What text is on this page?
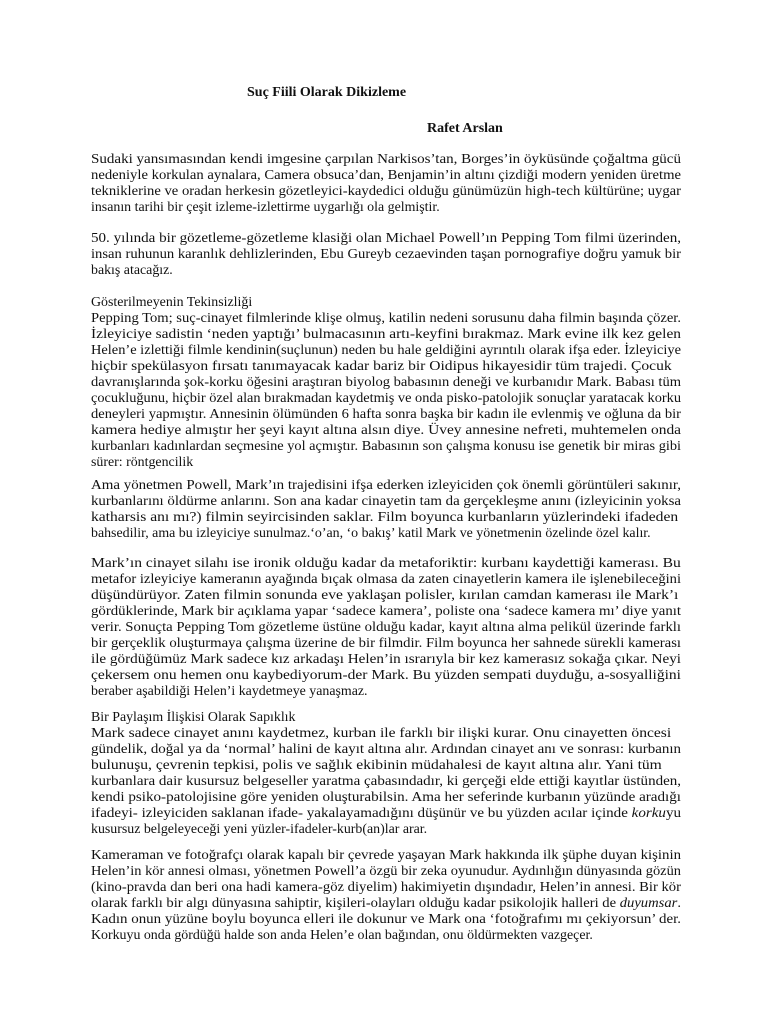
Suç Fiili Olarak Dikizleme
Rafet Arslan
Sudaki yansımasından kendi imgesine çarpılan Narkisos’tan, Borges’in öyküsünde çoğaltma gücü
nedeniyle korkulan aynalara, Camera obsuca’dan, Benjamin’in altını çizdiği modern yeniden üretme
tekniklerine ve oradan herkesin gözetleyici-kaydedici olduğu günümüzün high-tech kültürüne; uygar
insanın tarihi bir çeşit izleme-izlettirme uygarlığı ola gelmiştir.
50. yılında bir gözetleme-gözetleme klasiği olan Michael Powell’ın Pepping Tom filmi üzerinden,
insan ruhunun karanlık dehlizlerinden, Ebu Gureyb cezaevinden taşan pornografiye doğru yamuk bir
bakış atacağız.
Gösterilmeyenin Tekinsizliği
Pepping Tom; suç-cinayet filmlerinde klişe olmuş, katilin nedeni sorusunu daha filmin başında çözer.
İzleyiciye sadistin ‘neden yaptığı’ bulmacasının artı-keyfini bırakmaz. Mark evine ilk kez gelen
Helen’e izlettiği filmle kendinin(suçlunun) neden bu hale geldiğini ayrıntılı olarak ifşa eder. İzleyiciye
hiçbir spekülasyon fırsatı tanımayacak kadar bariz bir Oidipus hikayesidir tüm trajedi. Çocuk
davranışlarında şok-korku öğesini araştıran biyolog babasının deneği ve kurbanıdır Mark. Babası tüm
çocukluğunu, hiçbir özel alan bırakmadan kaydetmiş ve onda pisko-patolojik sonuçlar yaratacak korku
deneyleri yapmıştır. Annesinin ölümünden 6 hafta sonra başka bir kadın ile evlenmiş ve oğluna da bir
kamera hediye almıştır her şeyi kayıt altına alsın diye. Üvey annesine nefreti, muhtemelen onda
kurbanları kadınlardan seçmesine yol açmıştır. Babasının son çalışma konusu ise genetik bir miras gibi
sürer: röntgencilik
Ama yönetmen Powell, Mark’ın trajedisini ifşa ederken izleyiciden çok önemli görüntüleri sakınır,
kurbanlarını öldürme anlarını. Son ana kadar cinayetin tam da gerçekleşme anını (izleyicinin yoksa
katharsis anı mı?) filmin seyircisinden saklar. Film boyunca kurbanların yüzlerindeki ifadeden
bahsedilir, ama bu izleyiciye sunulmaz.‘o’an, ‘o bakış’ katil Mark ve yönetmenin özelinde özel kalır.
Mark’ın cinayet silahı ise ironik olduğu kadar da metaforiktir: kurbanı kaydettiği kamerası. Bu
metafor izleyiciye kameranın ayağında bıçak olmasa da zaten cinayetlerin kamera ile işlenebileceğini
düşündürüyor. Zaten filmin sonunda eve yaklaşan polisler, kırılan camdan kamerası ile Mark’ı
gördüklerinde, Mark bir açıklama yapar ‘sadece kamera’, poliste ona ‘sadece kamera mı’ diye yanıt
verir. Sonuçta Pepping Tom gözetleme üstüne olduğu kadar, kayıt altına alma pelikül üzerinde farklı
bir gerçeklik oluşturmaya çalışma üzerine de bir filmdir. Film boyunca her sahnede sürekli kamerası
ile gördüğümüz Mark sadece kız arkadaşı Helen’in ısrarıyla bir kez kamerasız sokağa çıkar. Neyi
çekersem onu hemen onu kaybediyorum-der Mark. Bu yüzden sempati duyduğu, a-sosyalliğini
beraber aşabildiği Helen’i kaydetmeye yanaşmaz.
Bir Paylaşım İlişkisi Olarak Sapıklık
Mark sadece cinayet anını kaydetmez, kurban ile farklı bir ilişki kurar. Onu cinayetten öncesi
gündelik, doğal ya da ‘normal’ halini de kayıt altına alır. Ardından cinayet anı ve sonrası: kurbanın
bulunuşu, çevrenin tepkisi, polis ve sağlık ekibinin müdahalesi de kayıt altına alır. Yani tüm
kurbanlara dair kusursuz belgeseller yaratma çabasındadır, ki gerçeği elde ettiği kayıtlar üstünden,
kendi psiko-patolojisine göre yeniden oluşturabilsin. Ama her seferinde kurbanın yüzünde aradığı
ifadeyi- izleyiciden saklanan ifade- yakalayamadığını düşünür ve bu yüzden acılar içinde korkuyu
kusursuz belgeleyeceği yeni yüzler-ifadeler-kurb(an)lar arar.
Kameraman ve fotoğrafçı olarak kapalı bir çevrede yaşayan Mark hakkında ilk şüphe duyan kişinin
Helen’in kör annesi olması, yönetmen Powell’a özgü bir zeka oyunudur. Aydınlığın dünyasında gözün
(kino-pravda dan beri ona hadi kamera-göz diyelim) hakimiyetin dışındadır, Helen’in annesi. Bir kör
olarak farklı bir algı dünyasına sahiptir, kişileri-olayları olduğu kadar psikolojik halleri de duyumsar.
Kadın onun yüzüne boylu boyunca elleri ile dokunur ve Mark ona ‘fotoğrafımı mı çekiyorsun’ der.
Korkuyu onda gördüğü halde son anda Helen’e olan bağından, onu öldürmekten vazgeçer.
